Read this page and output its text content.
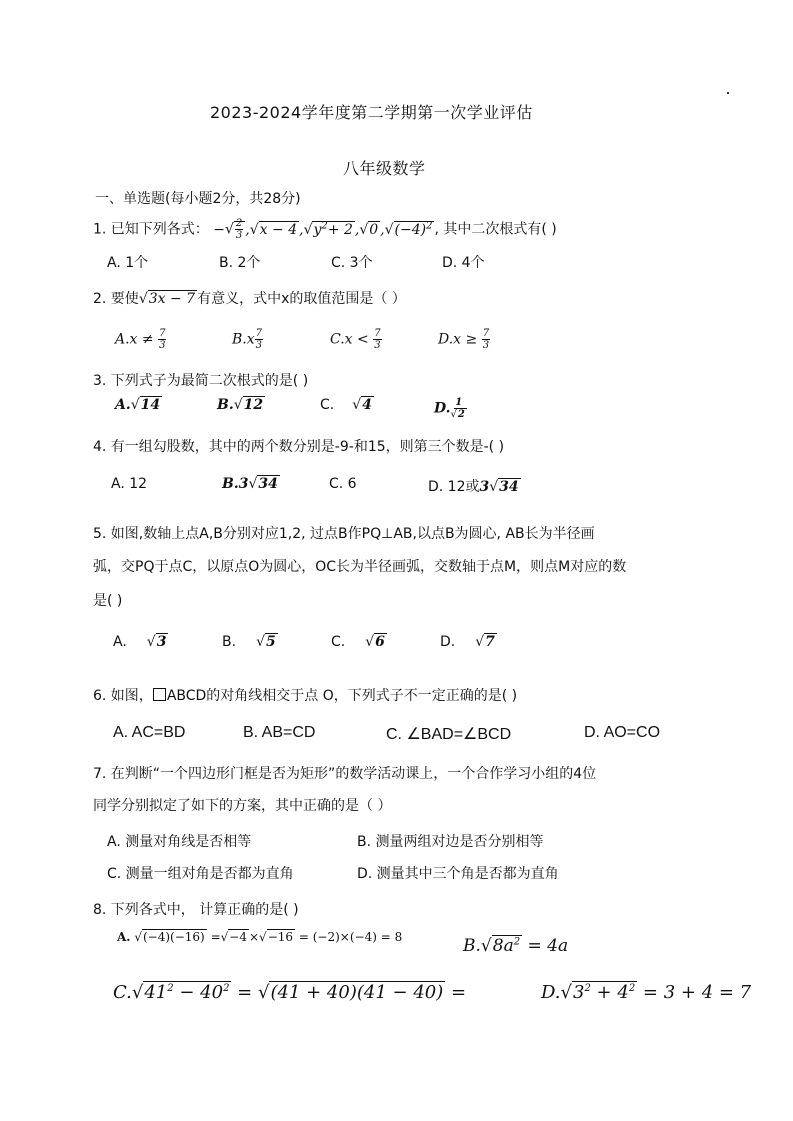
2023-2024学年度第二学期第一次学业评估
八年级数学
一、单选题(每小题2分，共28分)
1. 已知下列各式： −√ $\frac{2}{3} ,√x - 4$ $,√y^2+ 2$ ,√0 $,√(-4)^2$ , 其中二次根式有( )
A. 1个	B. 2个	C. 3个	D. 4个
2. 要使√3x − 7 有意义，式中x的取值范围是（ ）
$A.x \ne \frac{7}{3}$	$B.x \frac{7}{3}$	$C.x < \frac{7}{3}$	$D.x \ge \frac{7}{3}$
3. 下列式子为最简二次根式的是( )
A.√14	B.√12	C. √4	D. $\frac{1}{√2}$
4. 有一组勾股数，其中的两个数分别是-9-和15，则第三个数是-( )
A. 12	B.3√34	C. 6	D. 12或3√34
5. 如图,数轴上点A,B分别对应1,2, 过点B作PQ⊥AB,以点B为圆心, AB长为半径画
弧，交PQ于点C，以原点O为圆心，OC长为半径画弧，交数轴于点M，则点M对应的数
是( )
A. √3	B. √5	C. √6	D. √7
6. 如图， ABCD的对角线相交于点 O，下列式子不一定正确的是( )
A. AC=BD	B. AB=CD	C. ∠BAD=∠BCD	D. AO=CO
7. 在判断“一个四边形门框是否为矩形”的数学活动课上，一个合作学习小组的4位
同学分别拟定了如下的方案，其中正确的是（ ）
A. 测量对角线是否相等	B. 测量两组对边是否分别相等
C. 测量一组对角是否都为直角	D. 测量其中三个角是否都为直角
8. 下列各式中， 计算正确的是( )
A. √(−4)(−16) =√−4 ×√−16 = (−2)×(−4) = 8	$B.√8a^2 = 4a$
$C.√41^2 - 40^2 = √(41 + 40)(41 - 40)$ =	$D.√3^2 + 4^2 = 3 + 4 = 7$
